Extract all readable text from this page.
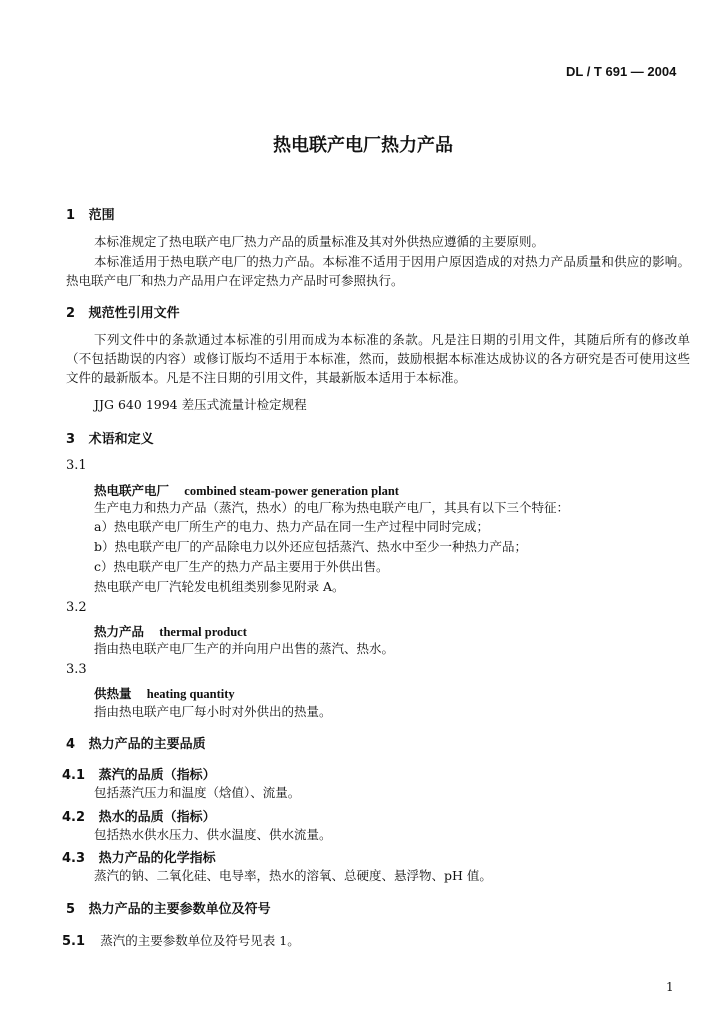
DL / T 691 — 2004
热电联产电厂热力产品
1 范围
本标准规定了热电联产电厂热力产品的质量标准及其对外供热应遵循的主要原则。
本标准适用于热电联产电厂的热力产品。本标准不适用于因用户原因造成的对热力产品质量和供应的影响。热电联产电厂和热力产品用户在评定热力产品时可参照执行。
2 规范性引用文件
下列文件中的条款通过本标准的引用而成为本标准的条款。凡是注日期的引用文件，其随后所有的修改单（不包括勘误的内容）或修订版均不适用于本标准，然而，鼓励根据本标准达成协议的各方研究是否可使用这些文件的最新版本。凡是不注日期的引用文件，其最新版本适用于本标准。
JJG 640 1994 差压式流量计检定规程
3 术语和定义
3.1
热电联产电厂 combined steam-power generation plant
生产电力和热力产品（蒸汽，热水）的电厂称为热电联产电厂，其具有以下三个特征：
a）热电联产电厂所生产的电力、热力产品在同一生产过程中同时完成；
b）热电联产电厂的产品除电力以外还应包括蒸汽、热水中至少一种热力产品；
c）热电联产电厂生产的热力产品主要用于外供出售。
热电联产电厂汽轮发电机组类别参见附录 A。
3.2
热力产品 thermal product
指由热电联产电厂生产的并向用户出售的蒸汽、热水。
3.3
供热量 heating quantity
指由热电联产电厂每小时对外供出的热量。
4 热力产品的主要品质
4.1 蒸汽的品质（指标）
包括蒸汽压力和温度（焓值）、流量。
4.2 热水的品质（指标）
包括热水供水压力、供水温度、供水流量。
4.3 热力产品的化学指标
蒸汽的钠、二氧化硅、电导率，热水的溶氧、总硬度、悬浮物、pH 值。
5 热力产品的主要参数单位及符号
5.1 蒸汽的主要参数单位及符号见表 1。
1
